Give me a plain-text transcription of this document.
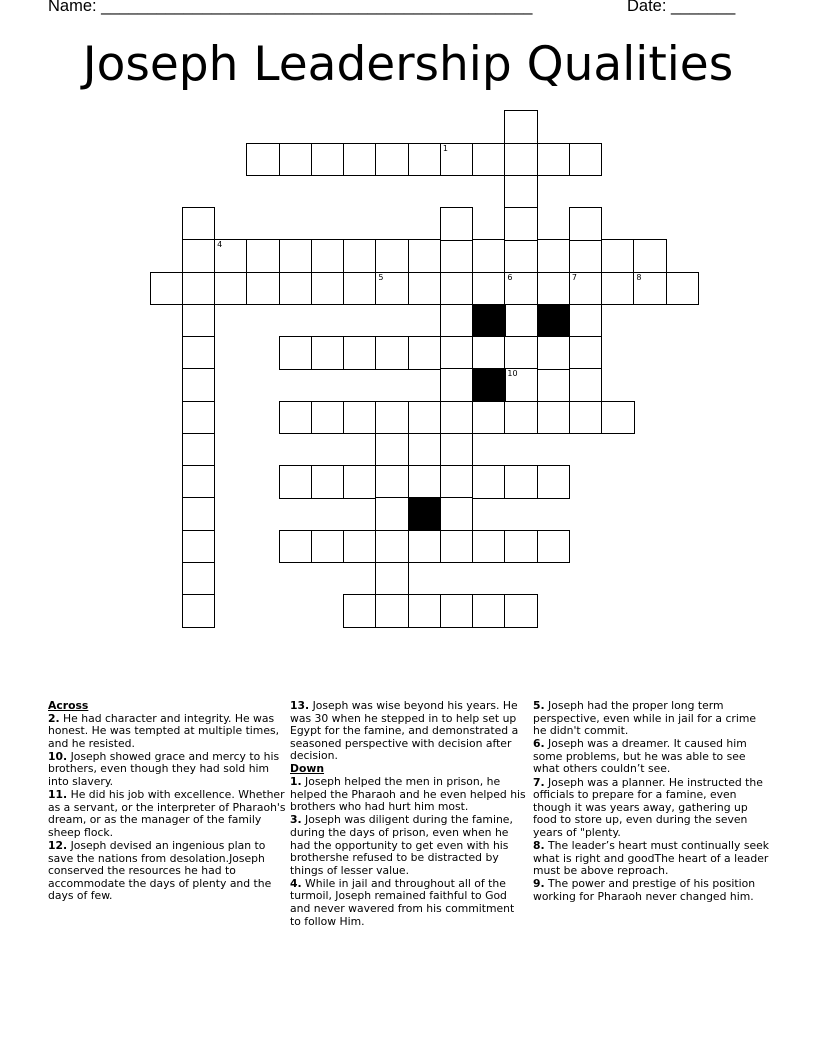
Name: _______________________________________________	Date: _______
Joseph Leadership Qualities
5	6	7	8
4
1
10
Across
2. He had character and integrity. He was honest. He was tempted at multiple times, and he resisted.
10. Joseph showed grace and mercy to his brothers, even though they had sold him into slavery.
11. He did his job with excellence. Whether as a servant, or the interpreter of Pharaoh's dream, or as the manager of the family sheep flock.
12. Joseph devised an ingenious plan to save the nations from desolation.Joseph conserved the resources he had to accommodate the days of plenty and the days of few.
13. Joseph was wise beyond his years. He was 30 when he stepped in to help set up Egypt for the famine, and demonstrated a seasoned perspective with decision after decision.
Down
1. Joseph helped the men in prison, he helped the Pharaoh and he even helped his brothers who had hurt him most.
3. Joseph was diligent during the famine, during the days of prison, even when he had the opportunity to get even with his brothershe refused to be distracted by things of lesser value.
4. While in jail and throughout all of the turmoil, Joseph remained faithful to God and never wavered from his commitment to follow Him.
5. Joseph had the proper long term perspective, even while in jail for a crime he didn't commit.
6. Joseph was a dreamer. It caused him some problems, but he was able to see what others couldn’t see.
7. Joseph was a planner. He instructed the officials to prepare for a famine, even though it was years away, gathering up food to store up, even during the seven years of "plenty.
8. The leader’s heart must continually seek what is right and goodThe heart of a leader must be above reproach.
9. The power and prestige of his position working for Pharaoh never changed him.
